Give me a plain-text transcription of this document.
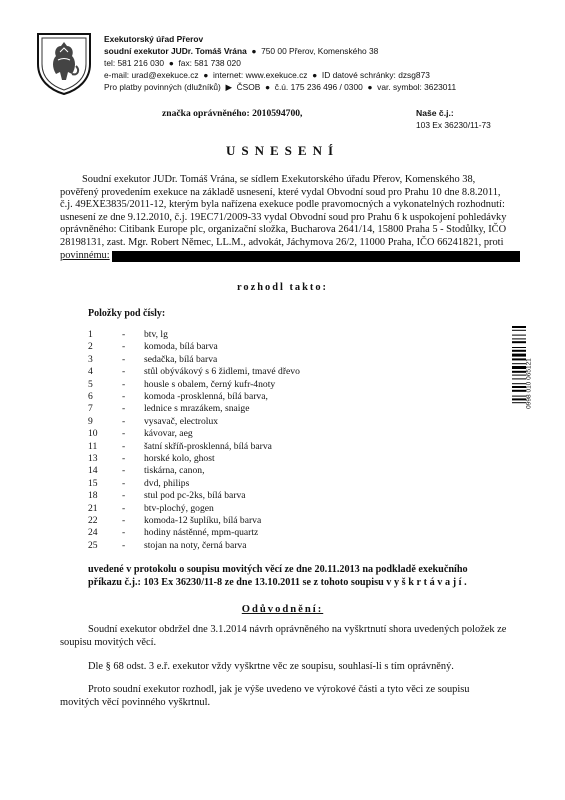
Exekutorský úřad Přerov
soudní exekutor JUDr. Tomáš Vrána  ●  750 00 Přerov, Komenského 38
tel: 581 216 030  ●  fax: 581 738 020
e-mail: urad@exekuce.cz  ●  internet: www.exekuce.cz  ●  ID datové schránky: dzsg873
Pro platby povinných (dlužníků)  ▶  ČSOB  ●  č.ú. 175 236 496 / 0300  ●  var. symbol: 3623011
značka oprávněného: 2010594700,	Naše č.j.:
103 Ex 36230/11-73
USNESENÍ
Soudní exekutor JUDr. Tomáš Vrána, se sídlem Exekutorského úřadu Přerov, Komenského 38,
pověřený provedením exekuce na základě usnesení, které vydal Obvodní soud pro Prahu 10 dne 8.8.2011,
č.j. 49EXE3835/2011-12, kterým byla nařízena exekuce podle pravomocných a vykonatelných rozhodnutí:
usnesení ze dne 9.12.2010, č.j. 19EC71/2009-33 vydal Obvodní soud pro Prahu 6 k uspokojení pohledávky
oprávněného: Citibank Europe plc, organizační složka, Bucharova 2641/14, 15800 Praha 5 - Stodůlky, IČO
28198131, zast. Mgr. Robert Němec, LL.M., advokát, Jáchymova 26/2, 11000 Praha, IČO 66241821, proti
povinnému:
rozhodl takto:
Položky pod čísly:
1	- btv, lg
2	- komoda, bílá barva
3	- sedačka, bílá barva
4	- stůl obývákový s 6 židlemi, tmavé dřevo
5	- housle s obalem, černý kufr-4noty
6	- komoda -prosklenná, bílá barva,
7	- lednice s mrazákem, snaige
9	- vysavač, electrolux
10	- kávovar, aeg
11	- šatní skříň-prosklenná, bílá barva
13	- horské kolo, ghost
14	- tiskárna, canon,
15	- dvd, philips
18	- stul pod pc-2ks, bílá barva
21	- btv-plochý, gogen
22	- komoda-12 šuplíku, bílá barva
24	- hodiny nástěnné, mpm-quartz
25	- stojan na noty, černá barva
0998 010 065121
uvedené v protokolu o soupisu movitých věcí ze dne 20.11.2013 na podkladě exekučního
příkazu č.j.: 103 Ex 36230/11-8 ze dne 13.10.2011 se z tohoto soupisu vyškrtávají.
Odůvodnění:
Soudní exekutor obdržel dne 3.1.2014 návrh oprávněného na vyškrtnutí shora uvedených položek ze
soupisu movitých věcí.
Dle § 68 odst. 3 e.ř. exekutor vždy vyškrtne věc ze soupisu, souhlasí-li s tím oprávněný.
Proto soudní exekutor rozhodl, jak je výše uvedeno ve výrokové části a tyto věci ze soupisu
movitých věcí povinného vyškrtnul.
